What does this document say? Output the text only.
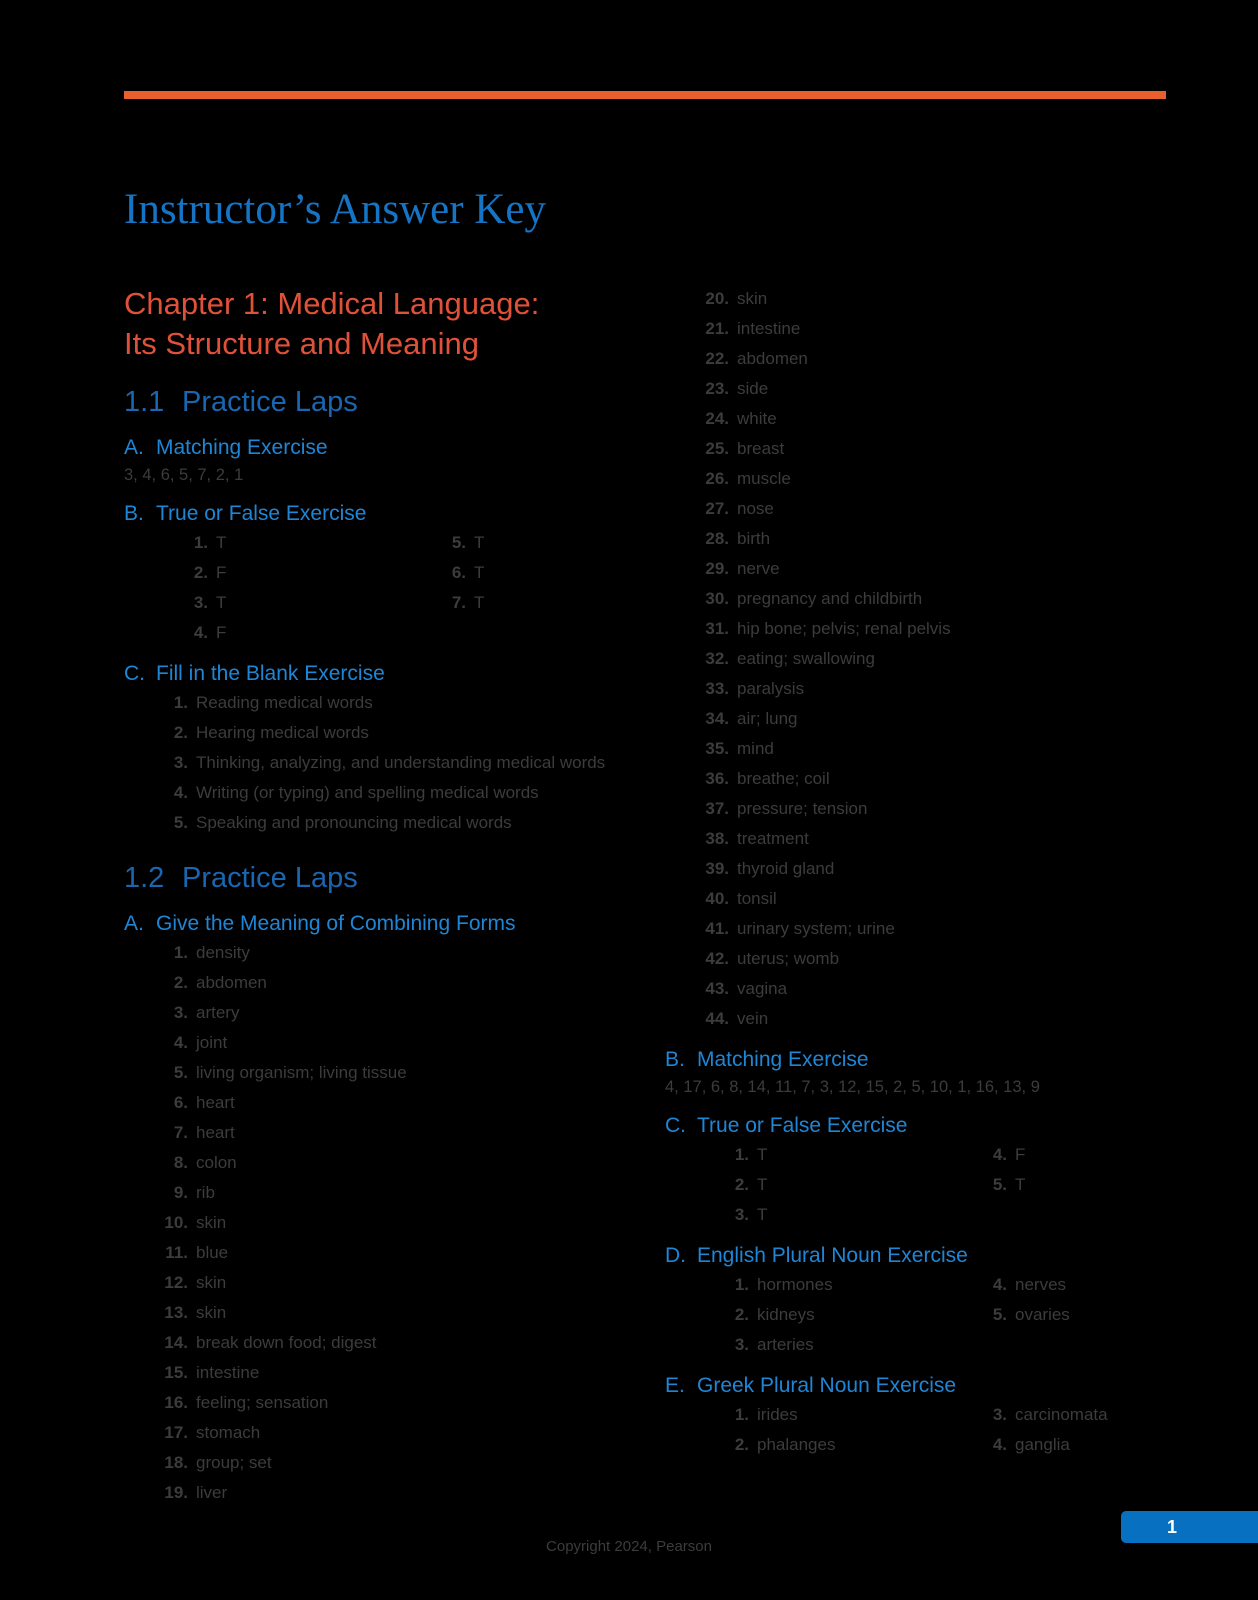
Instructor’s Answer Key
Chapter 1: Medical Language:
Its Structure and Meaning
1.1 Practice Laps
A. Matching Exercise
3, 4, 6, 5, 7, 2, 1
B. True or False Exercise
1. T
2. F
3. T
4. F
5. T
6. T
7. T
C. Fill in the Blank Exercise
1. Reading medical words
2. Hearing medical words
3. Thinking, analyzing, and understanding medical words
4. Writing (or typing) and spelling medical words
5. Speaking and pronouncing medical words
1.2 Practice Laps
A. Give the Meaning of Combining Forms
1. density
2. abdomen
3. artery
4. joint
5. living organism; living tissue
6. heart
7. heart
8. colon
9. rib
10. skin
11. blue
12. skin
13. skin
14. break down food; digest
15. intestine
16. feeling; sensation
17. stomach
18. group; set
19. liver
20. skin
21. intestine
22. abdomen
23. side
24. white
25. breast
26. muscle
27. nose
28. birth
29. nerve
30. pregnancy and childbirth
31. hip bone; pelvis; renal pelvis
32. eating; swallowing
33. paralysis
34. air; lung
35. mind
36. breathe; coil
37. pressure; tension
38. treatment
39. thyroid gland
40. tonsil
41. urinary system; urine
42. uterus; womb
43. vagina
44. vein
B. Matching Exercise
4, 17, 6, 8, 14, 11, 7, 3, 12, 15, 2, 5, 10, 1, 16, 13, 9
C. True or False Exercise
1. T
2. T
3. T
4. F
5. T
D. English Plural Noun Exercise
1. hormones
2. kidneys
3. arteries
4. nerves
5. ovaries
E. Greek Plural Noun Exercise
1. irides
2. phalanges
3. carcinomata
4. ganglia
1
Copyright 2024, Pearson
